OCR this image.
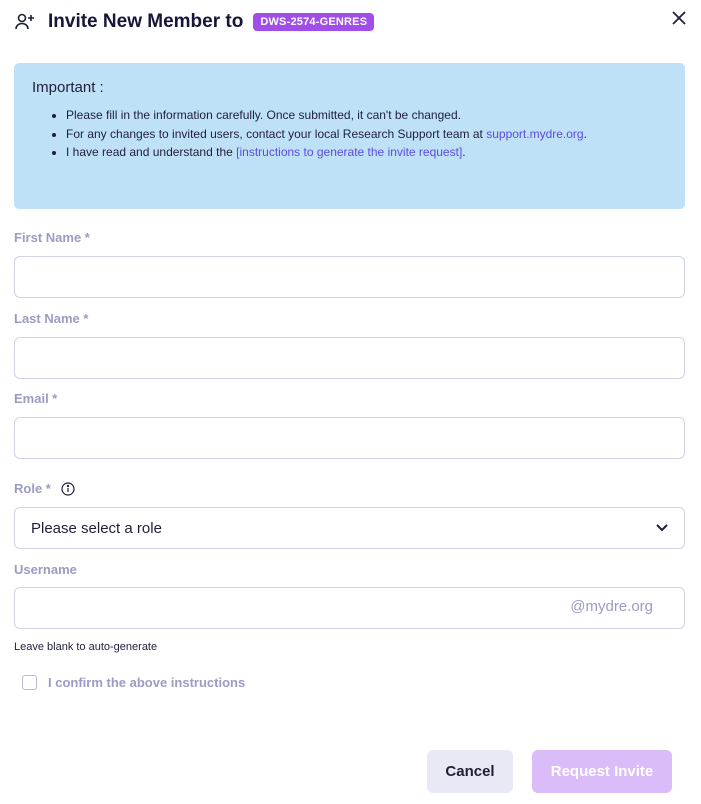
Invite New Member to	DWS-2574-GENRES
Important :
• Please fill in the information carefully. Once submitted, it can't be changed.
• For any changes to invited users, contact your local Research Support team at support.mydre.org.
• I have read and understand the [instructions to generate the invite request].
First Name *
Last Name *
Email *
Role *
Please select a role
Username
@mydre.org
Leave blank to auto-generate
I confirm the above instructions
Cancel	Request Invite
